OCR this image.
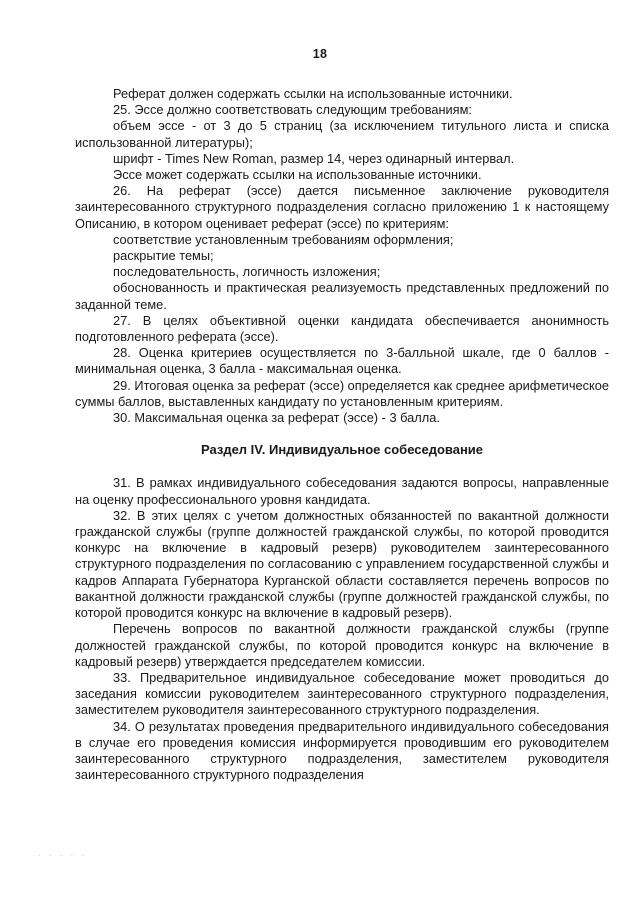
18

Реферат должен содержать ссылки на использованные источники.

25. Эссе должно соответствовать следующим требованиям:

объем эссе - от 3 до 5 страниц (за исключением титульного листа и списка использованной литературы);

шрифт - Times New Roman, размер 14, через одинарный интервал.

Эссе может содержать ссылки на использованные источники.

26. На реферат (эссе) дается письменное заключение руководителя заинтересованного структурного подразделения согласно приложению 1 к настоящему Описанию, в котором оценивает реферат (эссе) по критериям:

соответствие установленным требованиям оформления;

раскрытие темы;

последовательность, логичность изложения;

обоснованность и практическая реализуемость представленных предложений по заданной теме.

27. В целях объективной оценки кандидата обеспечивается анонимность подготовленного реферата (эссе).

28. Оценка критериев осуществляется по 3-балльной шкале, где 0 баллов - минимальная оценка, 3 балла - максимальная оценка.

29. Итоговая оценка за реферат (эссе) определяется как среднее арифметическое суммы баллов, выставленных кандидату по установленным критериям.

30. Максимальная оценка за реферат (эссе) - 3 балла.

Раздел IV. Индивидуальное собеседование

31. В рамках индивидуального собеседования задаются вопросы, направленные на оценку профессионального уровня кандидата.

32. В этих целях с учетом должностных обязанностей по вакантной должности гражданской службы (группе должностей гражданской службы, по которой проводится конкурс на включение в кадровый резерв) руководителем заинтересованного структурного подразделения по согласованию с управлением государственной службы и кадров Аппарата Губернатора Курганской области составляется перечень вопросов по вакантной должности гражданской службы (группе должностей гражданской службы, по которой проводится конкурс на включение в кадровый резерв).

Перечень вопросов по вакантной должности гражданской службы (группе должностей гражданской службы, по которой проводится конкурс на включение в кадровый резерв) утверждается председателем комиссии.

33. Предварительное индивидуальное собеседование может проводиться до заседания комиссии руководителем заинтересованного структурного подразделения, заместителем руководителя заинтересованного структурного подразделения.

34. О результатах проведения предварительного индивидуального собеседования в случае его проведения комиссия информируется проводившим его руководителем заинтересованного структурного подразделения, заместителем руководителя заинтересованного структурного подразделения

· · · · ·
